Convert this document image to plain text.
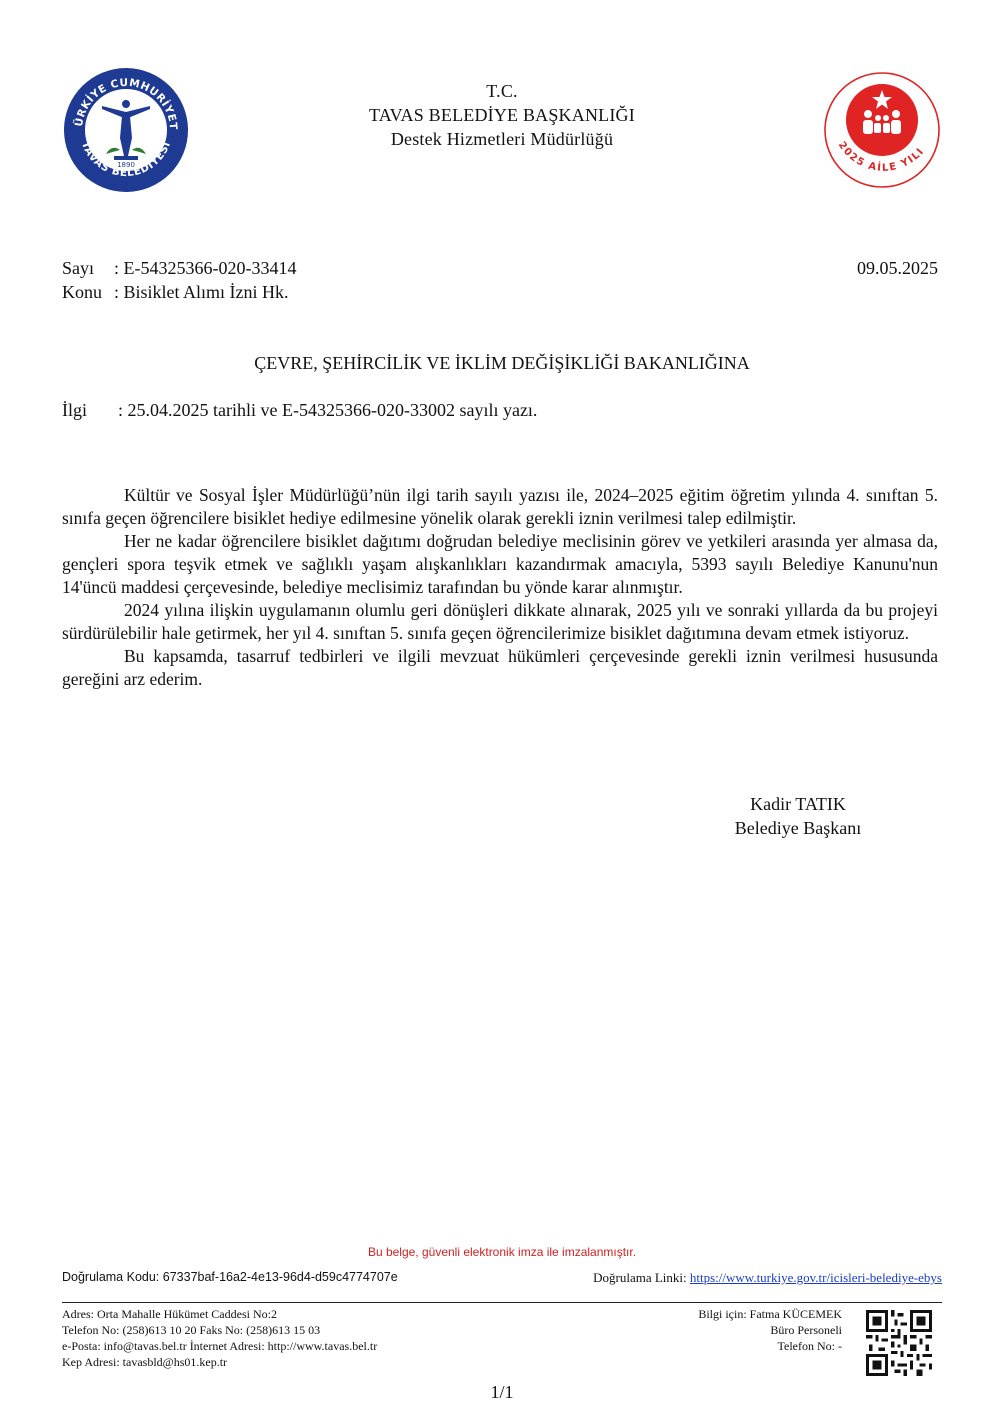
ÜRKİYE CUMHURİYET
TAVAS BELEDİYESİ
1890
T.C.
TAVAS BELEDİYE BAŞKANLIĞI
Destek Hizmetleri Müdürlüğü	2025 AİLE YILI
Sayı	: E-54325366-020-33414	09.05.2025
Konu : Bisiklet Alımı İzni Hk.
ÇEVRE, ŞEHİRCİLİK VE İKLİM DEĞİŞİKLİĞİ BAKANLIĞINA
İlgi	: 25.04.2025 tarihli ve E-54325366-020-33002 sayılı yazı.

Kültür ve Sosyal İşler Müdürlüğü’nün ilgi tarih sayılı yazısı ile, 2024–2025 eğitim öğretim yılında 4. sınıftan 5. sınıfa geçen öğrencilere bisiklet hediye edilmesine yönelik olarak gerekli iznin verilmesi talep edilmiştir.

Her ne kadar öğrencilere bisiklet dağıtımı doğrudan belediye meclisinin görev ve yetkileri arasında yer almasa da, gençleri spora teşvik etmek ve sağlıklı yaşam alışkanlıkları kazandırmak amacıyla, 5393 sayılı Belediye Kanunu'nun 14'üncü maddesi çerçevesinde, belediye meclisimiz tarafından bu yönde karar alınmıştır.

2024 yılına ilişkin uygulamanın olumlu geri dönüşleri dikkate alınarak, 2025 yılı ve sonraki yıllarda da bu projeyi sürdürülebilir hale getirmek, her yıl 4. sınıftan 5. sınıfa geçen öğrencilerimize bisiklet dağıtımına devam etmek istiyoruz.

Bu kapsamda, tasarruf tedbirleri ve ilgili mevzuat hükümleri çerçevesinde gerekli iznin verilmesi hususunda gereğini arz ederim.

Kadir TATIK
Belediye Başkanı
Bu belge, güvenli elektronik imza ile imzalanmıştır.
Doğrulama Kodu: 67337baf-16a2-4e13-96d4-d59c4774707e	Doğrulama Linki: https://www.turkiye.gov.tr/icisleri-belediye-ebys
Adres: Orta Mahalle Hükümet Caddesi No:2
Telefon No: (258)613 10 20 Faks No: (258)613 15 03
e-Posta: info@tavas.bel.tr İnternet Adresi: http://www.tavas.bel.tr
Kep Adresi: tavasbld@hs01.kep.tr
Bilgi için: Fatma KÜCEMEK
Büro Personeli
Telefon No: -
1/1
